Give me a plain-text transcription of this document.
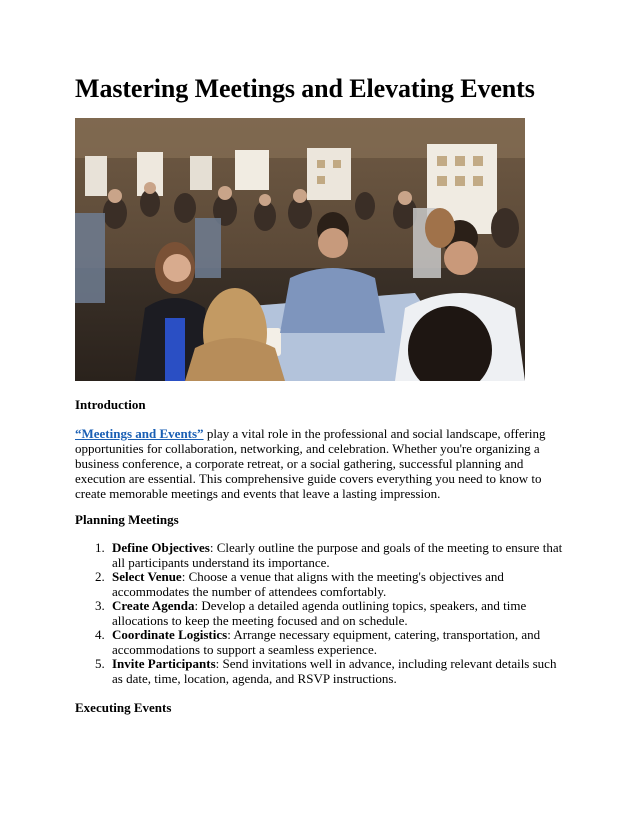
Mastering Meetings and Elevating Events

Introduction

“Meetings and Events” play a vital role in the professional and social landscape, offering opportunities for collaboration, networking, and celebration. Whether you're organizing a business conference, a corporate retreat, or a social gathering, successful planning and execution are essential. This comprehensive guide covers everything you need to know to create memorable meetings and events that leave a lasting impression.

Planning Meetings

1. Define Objectives: Clearly outline the purpose and goals of the meeting to ensure that all participants understand its importance.
2. Select Venue: Choose a venue that aligns with the meeting's objectives and accommodates the number of attendees comfortably.
3. Create Agenda: Develop a detailed agenda outlining topics, speakers, and time allocations to keep the meeting focused and on schedule.
4. Coordinate Logistics: Arrange necessary equipment, catering, transportation, and accommodations to support a seamless experience.
5. Invite Participants: Send invitations well in advance, including relevant details such as date, time, location, agenda, and RSVP instructions.

Executing Events
